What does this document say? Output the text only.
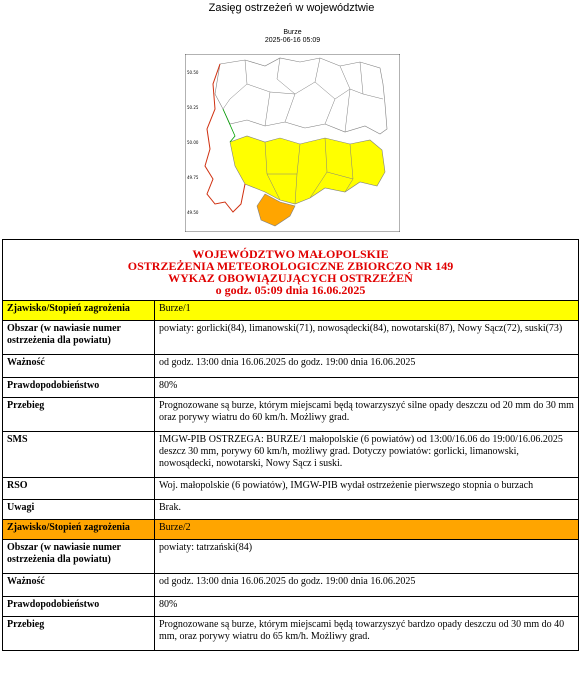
Zasięg ostrzeżeń w województwie
Burze
2025-06-16 05:09
50.50
50.25
50.00
49.75
49.50
WOJEWÓDZTWO MAŁOPOLSKIE
OSTRZEŻENIA METEOROLOGICZNE ZBIORCZO NR 149
WYKAZ OBOWIĄZUJĄCYCH OSTRZEŻEŃ
o godz. 05:09 dnia 16.06.2025	

Zjawisko/Stopień zagrożenia	Burze/1
Obszar (w nawiasie numer ostrzeżenia dla powiatu)	powiaty: gorlicki(84), limanowski(71), nowosądecki(84), nowotarski(87), Nowy Sącz(72), suski(73)
Ważność	od godz. 13:00 dnia 16.06.2025 do godz. 19:00 dnia 16.06.2025
Prawdopodobieństwo	80%
Przebieg	Prognozowane są burze, którym miejscami będą towarzyszyć silne opady deszczu od 20 mm do 30 mm oraz porywy wiatru do 60 km/h. Możliwy grad.
SMS	IMGW-PIB OSTRZEGA: BURZE/1 małopolskie (6 powiatów) od 13:00/16.06 do 19:00/16.06.2025 deszcz 30 mm, porywy 60 km/h, możliwy grad. Dotyczy powiatów: gorlicki, limanowski, nowosądecki, nowotarski, Nowy Sącz i suski.
RSO	Woj. małopolskie (6 powiatów), IMGW-PIB wydał ostrzeżenie pierwszego stopnia o burzach
Uwagi	Brak.
Zjawisko/Stopień zagrożenia	Burze/2
Obszar (w nawiasie numer ostrzeżenia dla powiatu)	powiaty: tatrzański(84)
Ważność	od godz. 13:00 dnia 16.06.2025 do godz. 19:00 dnia 16.06.2025
Prawdopodobieństwo	80%
Przebieg	Prognozowane są burze, którym miejscami będą towarzyszyć bardzo opady deszczu od 30 mm do 40 mm, oraz porywy wiatru do 65 km/h. Możliwy grad.
